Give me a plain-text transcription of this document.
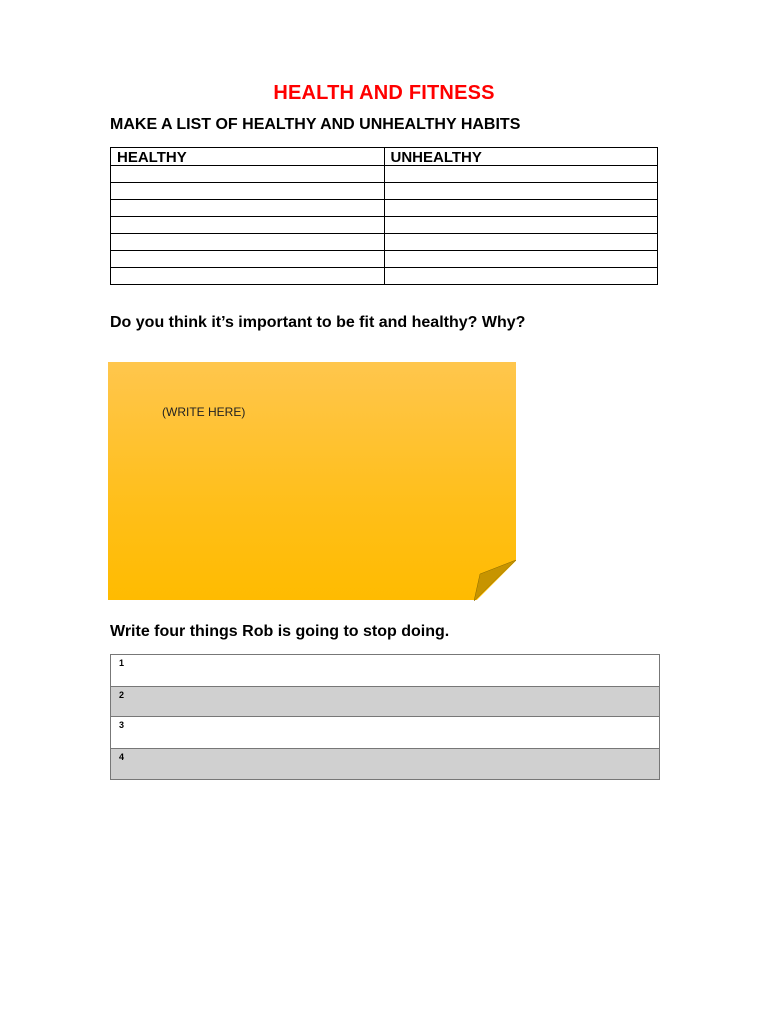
HEALTH AND FITNESS
MAKE A LIST OF HEALTHY AND UNHEALTHY HABITS
HEALTHY	UNHEALTHY

Do you think it’s important to be fit and healthy? Why?
(WRITE HERE)
Write four things Rob is going to stop doing.
1
2
3
4
